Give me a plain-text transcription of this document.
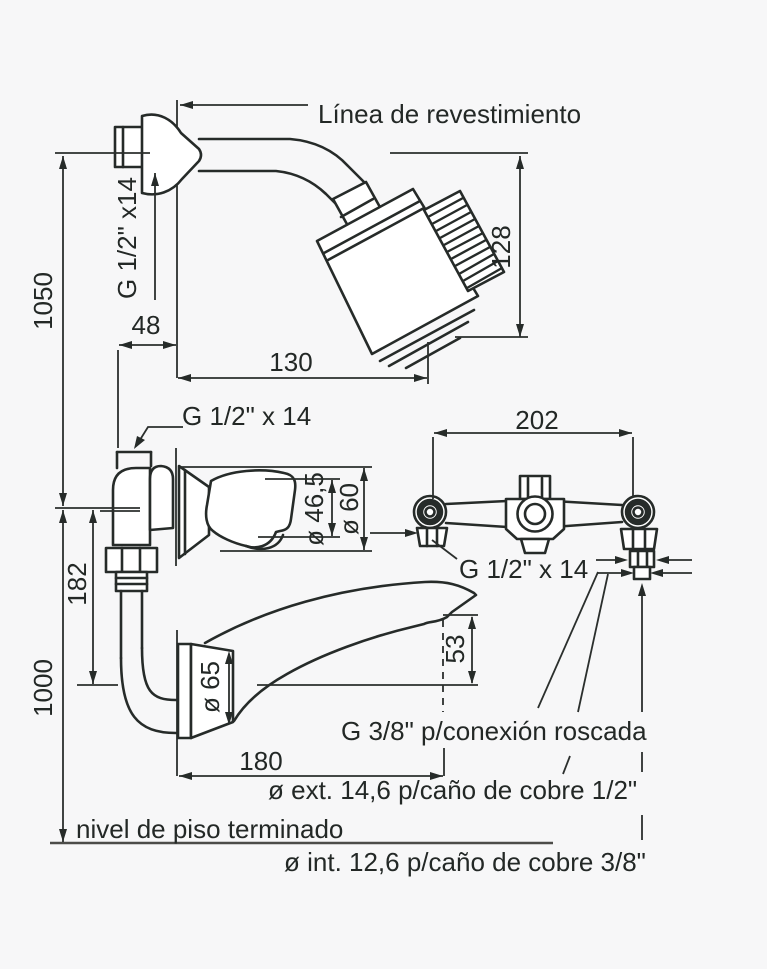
Línea de revestimiento
G 1/2" x14
1050	48
130
128
G 1/2" x 14	202
ø 46,5 ø 60
182
1000
G 1/2" x 14
ø 65
53
G 3/8" p/conexión roscada
180
ø ext. 14,6 p/caño de cobre 1/2"
nivel de piso terminado
ø int. 12,6 p/caño de cobre 3/8"
